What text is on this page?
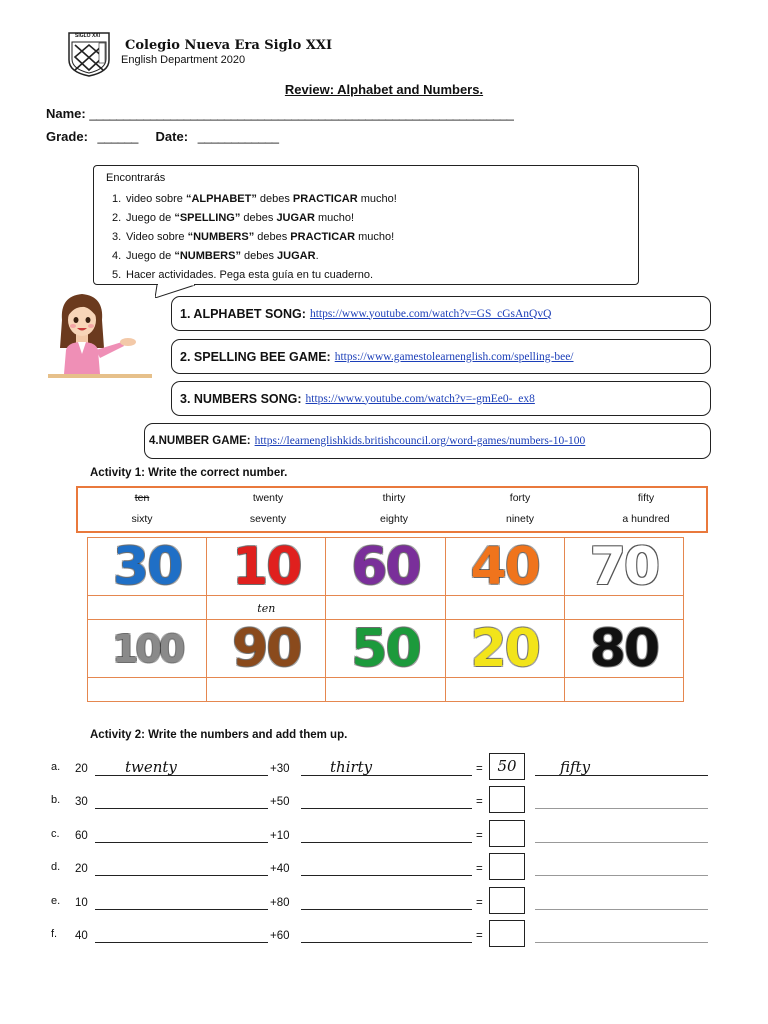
SIGLO XXI
Colegio Nueva Era Siglo XXI
English Department 2020
Review: Alphabet and Numbers.
Name: _______________________________________________________________
Grade: ______ Date: ____________
Encontrarás
1. video sobre “ALPHABET” debes PRACTICAR mucho!
2. Juego de “SPELLING” debes JUGAR mucho!
3. Video sobre “NUMBERS” debes PRACTICAR mucho!
4. Juego de “NUMBERS” debes JUGAR.
5. Hacer actividades. Pega esta guía en tu cuaderno.
1. ALPHABET SONG: https://www.youtube.com/watch?v=GS_cGsAnQvQ
2. SPELLING BEE GAME: https://www.gamestolearnenglish.com/spelling-bee/
3. NUMBERS SONG: https://www.youtube.com/watch?v=-gmEe0-_ex8
4.NUMBER GAME: https://learnenglishkids.britishcouncil.org/word-games/numbers-10-100
Activity 1: Write the correct number.
ten	twenty	thirty	forty	fifty
sixty	seventy	eighty	ninety	a hundred
30	10	60	40	70
	ten			
100	90	50	20	80

Activity 2: Write the numbers and add them up.
a. 20 twenty	+30	thirty	= 50	fifty
b. 30	+50	=
c. 60	+10	=
d. 20	+40	=
e. 10	+80	=
f. 40	+60	=
